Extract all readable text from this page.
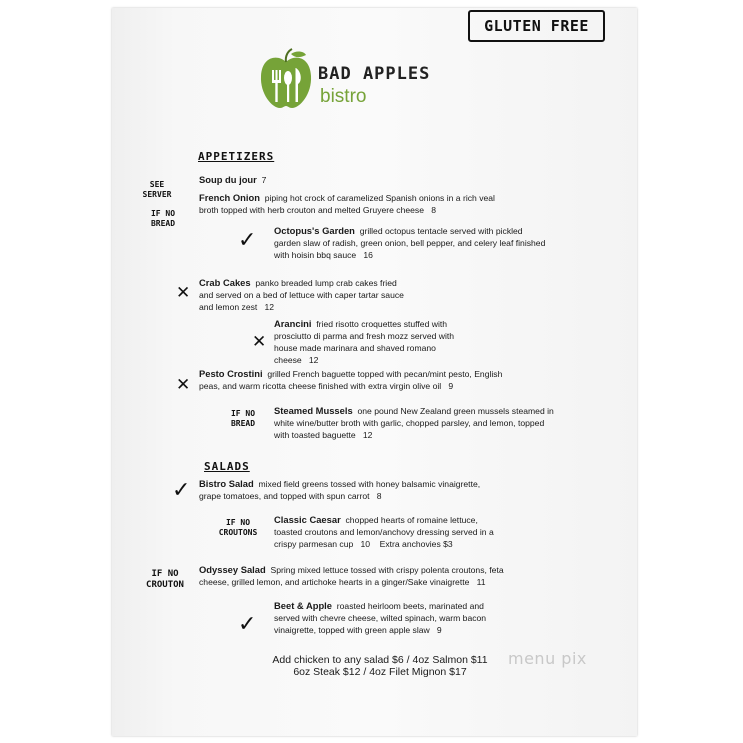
GLUTEN FREE
BAD APPLES
bistro
APPETIZERS
SALADS
SEE
SERVER
IF NO
BREAD
IF NO
BREAD
IF NO
CROUTONS
IF NO
CROUTON
✓
✕
✕
✕
✓
✓
Soup du jour 7
French Onion piping hot crock of caramelized Spanish onions in a rich veal broth topped with herb crouton and melted Gruyere cheese 8
Octopus's Garden grilled octopus tentacle served with pickled garden slaw of radish, green onion, bell pepper, and celery leaf finished with hoisin bbq sauce 16
Crab Cakes panko breaded lump crab cakes fried and served on a bed of lettuce with caper tartar sauce and lemon zest 12
Arancini fried risotto croquettes stuffed with prosciutto di parma and fresh mozz served with house made marinara and shaved romano cheese 12
Pesto Crostini grilled French baguette topped with pecan/mint pesto, English peas, and warm ricotta cheese finished with extra virgin olive oil 9
Steamed Mussels one pound New Zealand green mussels steamed in white wine/butter broth with garlic, chopped parsley, and lemon, topped with toasted baguette 12
Bistro Salad mixed field greens tossed with honey balsamic vinaigrette, grape tomatoes, and topped with spun carrot 8
Classic Caesar chopped hearts of romaine lettuce, toasted croutons and lemon/anchovy dressing served in a crispy parmesan cup 10 Extra anchovies $3
Odyssey Salad Spring mixed lettuce tossed with crispy polenta croutons, feta cheese, grilled lemon, and artichoke hearts in a ginger/Sake vinaigrette 11
Beet & Apple roasted heirloom beets, marinated and served with chevre cheese, wilted spinach, warm bacon vinaigrette, topped with green apple slaw 9
Add chicken to any salad $6 / 4oz Salmon $11
6oz Steak $12 / 4oz Filet Mignon $17
menu pix
